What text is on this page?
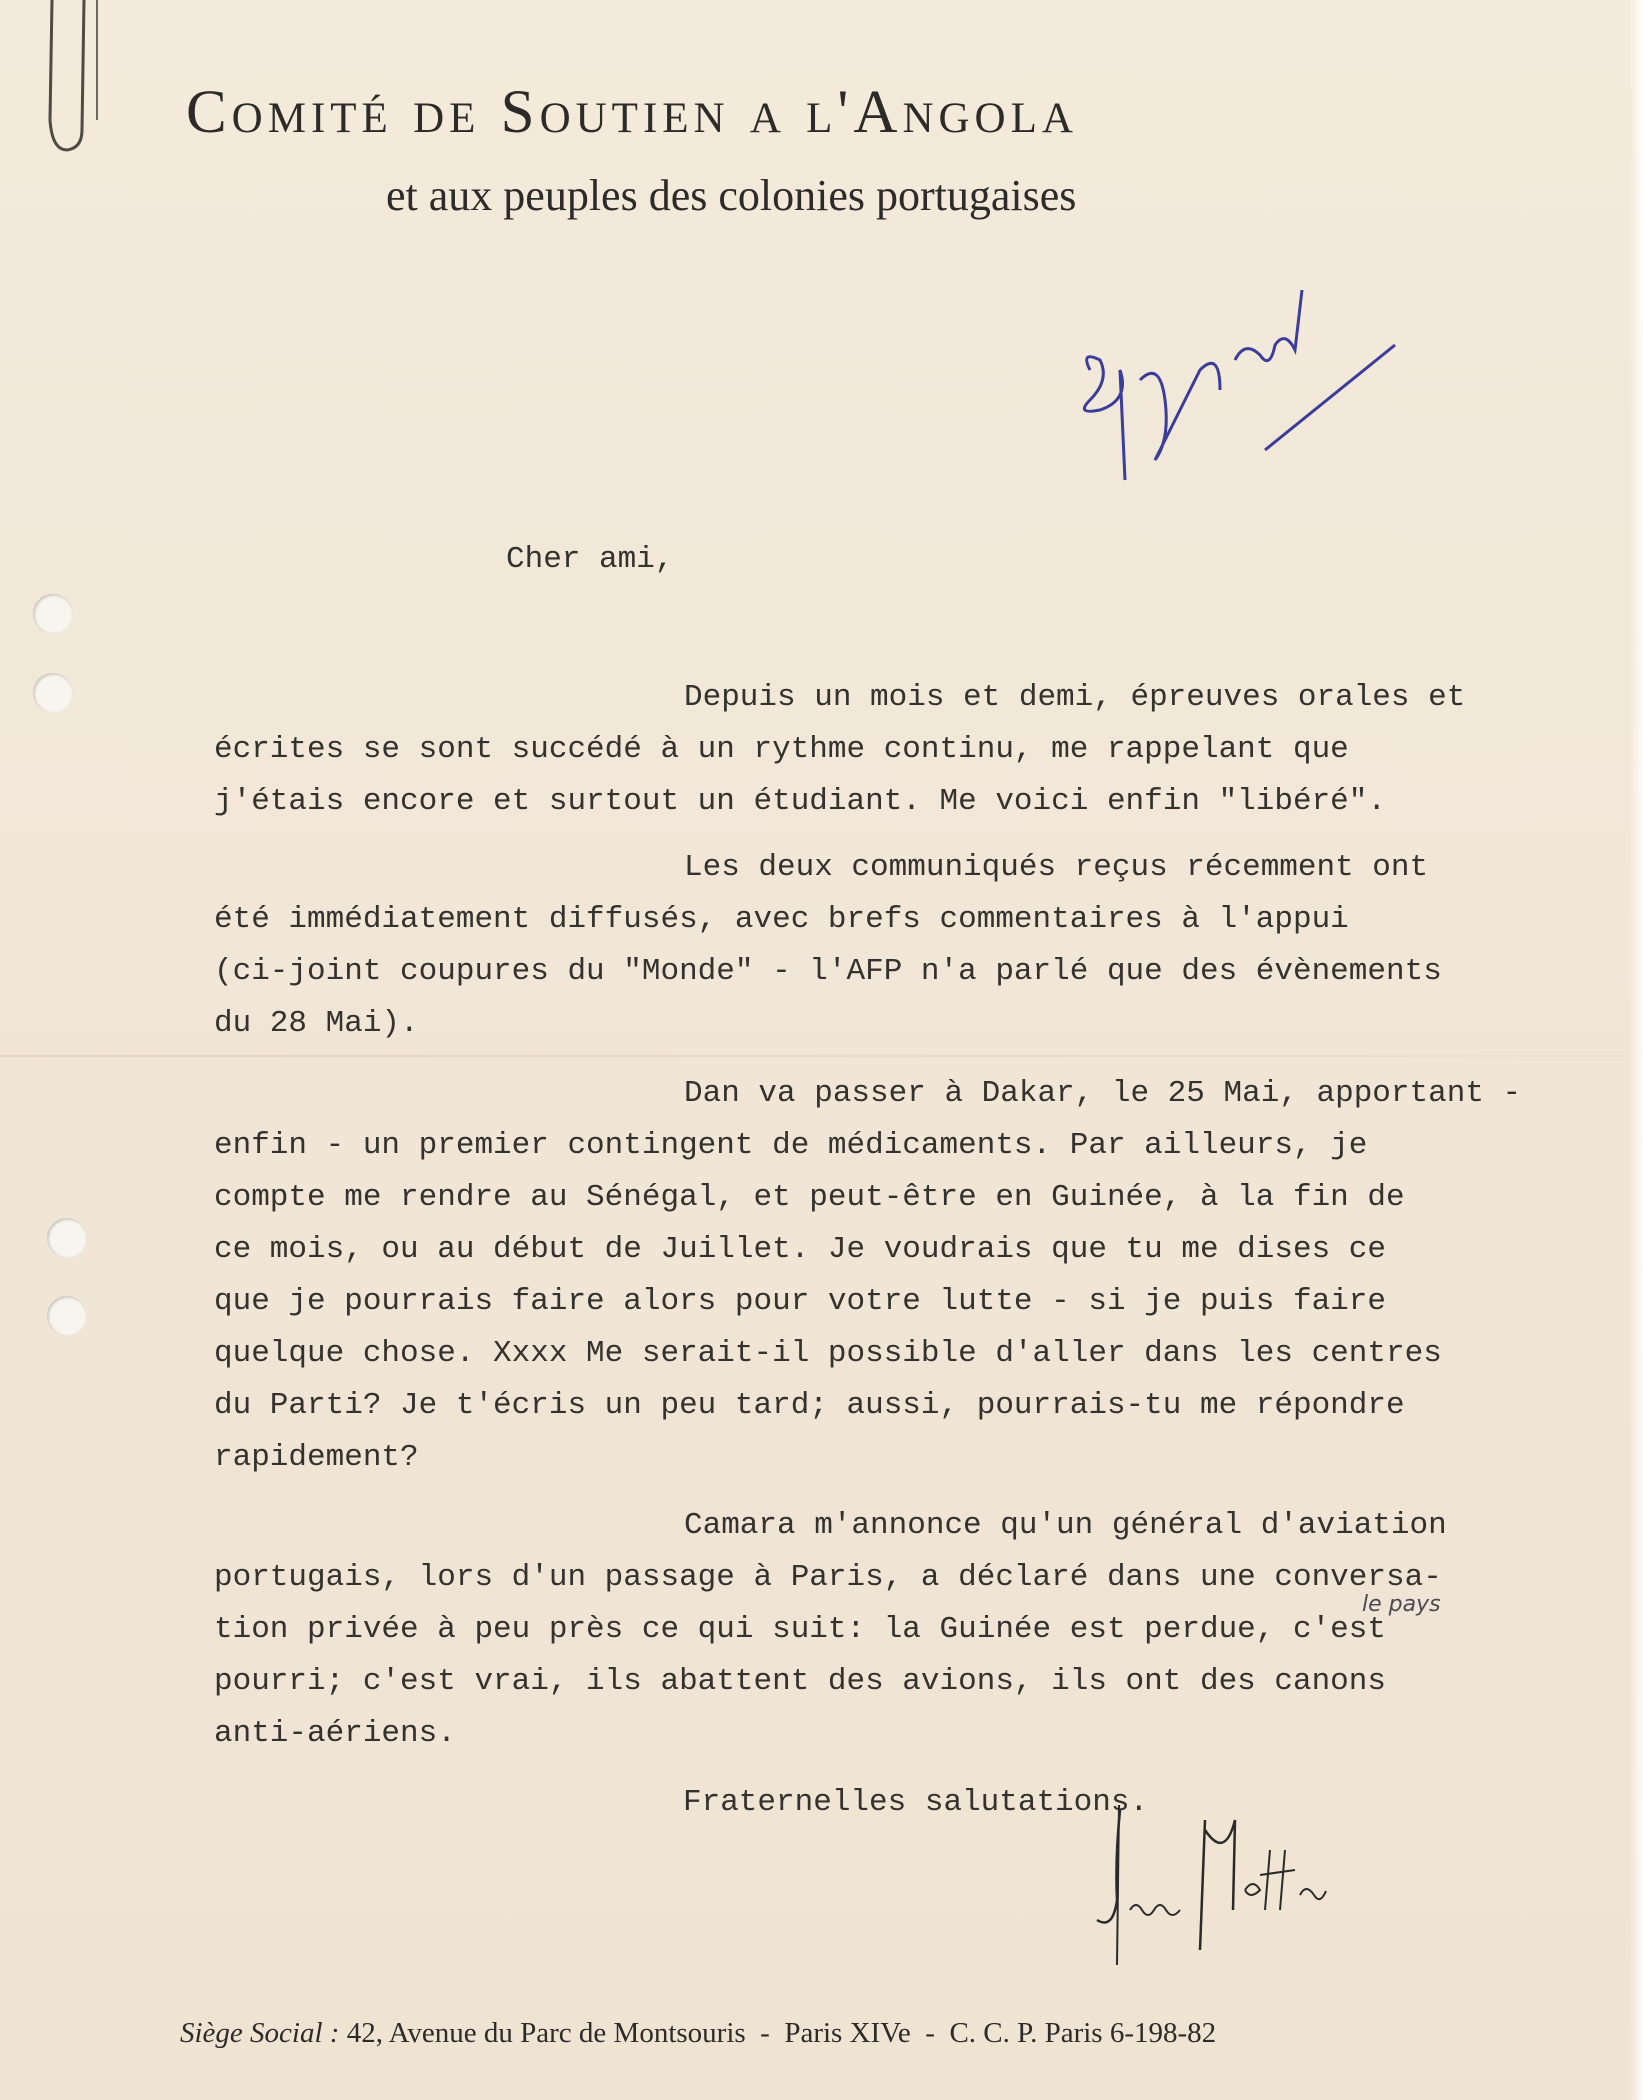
Comité de Soutien a l'Angola
et aux peuples des colonies portugaises
Cher ami,
Depuis un mois et demi, épreuves orales et
écrites se sont succédé à un rythme continu, me rappelant que
j'étais encore et surtout un étudiant. Me voici enfin "libéré".
Les deux communiqués reçus récemment ont
été immédiatement diffusés, avec brefs commentaires à l'appui
(ci-joint coupures du "Monde" - l'AFP n'a parlé que des évènements
du 28 Mai).
Dan va passer à Dakar, le 25 Mai, apportant -
enfin - un premier contingent de médicaments. Par ailleurs, je
compte me rendre au Sénégal, et peut-être en Guinée, à la fin de
ce mois, ou au début de Juillet. Je voudrais que tu me dises ce
que je pourrais faire alors pour votre lutte - si je puis faire
quelque chose. Xxxx Me serait-il possible d'aller dans les centres
du Parti? Je t'écris un peu tard; aussi, pourrais-tu me répondre
rapidement?
Camara m'annonce qu'un général d'aviation
portugais, lors d'un passage à Paris, a déclaré dans une conversa-
tion privée à peu près ce qui suit: la Guinée est perdue, c'est
pourri; c'est vrai, ils abattent des avions, ils ont des canons
anti-aériens.
le pays
Fraternelles salutations.
Siège Social : 42, Avenue du Parc de Montsouris  -  Paris XIVe  -  C. C. P. Paris 6-198-82
